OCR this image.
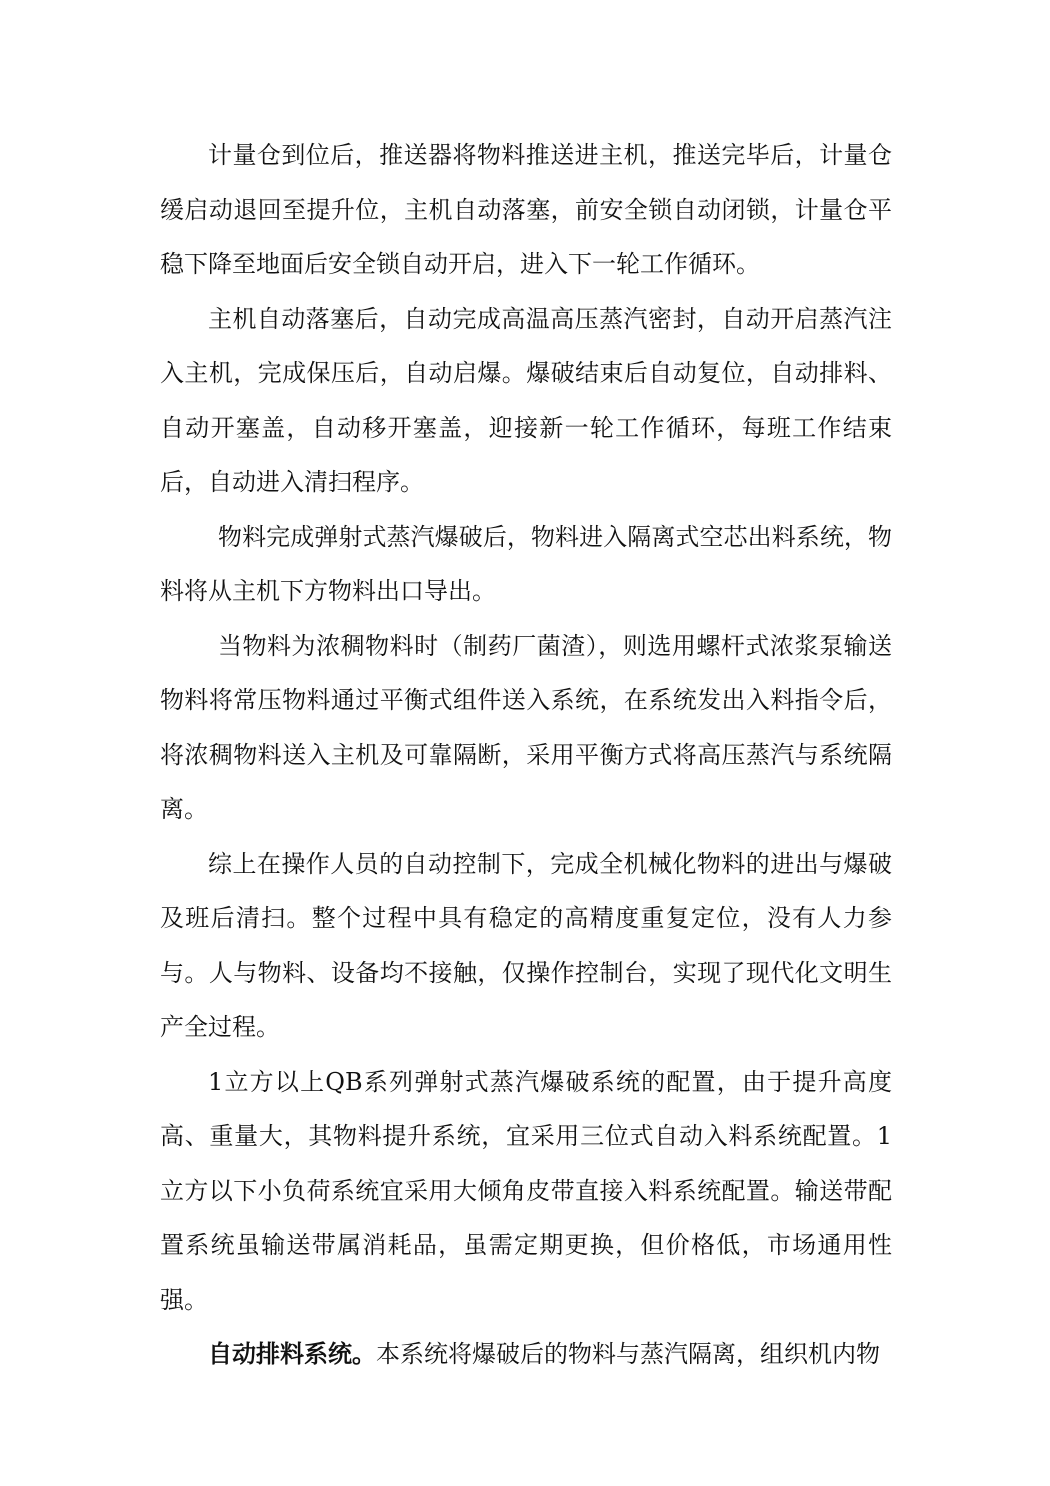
计量仓到位后，推送器将物料推送进主机，推送完毕后，计量仓缓启动退回至提升位，主机自动落塞，前安全锁自动闭锁，计量仓平稳下降至地面后安全锁自动开启，进入下一轮工作循环。

主机自动落塞后，自动完成高温高压蒸汽密封，自动开启蒸汽注入主机，完成保压后，自动启爆。爆破结束后自动复位，自动排料、自动开塞盖，自动移开塞盖，迎接新一轮工作循环，每班工作结束后，自动进入清扫程序。

物料完成弹射式蒸汽爆破后，物料进入隔离式空芯出料系统，物料将从主机下方物料出口导出。

当物料为浓稠物料时（制药厂菌渣），则选用螺杆式浓浆泵输送物料将常压物料通过平衡式组件送入系统，在系统发出入料指令后，将浓稠物料送入主机及可靠隔断，采用平衡方式将高压蒸汽与系统隔离。

综上在操作人员的自动控制下，完成全机械化物料的进出与爆破及班后清扫。整个过程中具有稳定的高精度重复定位，没有人力参与。人与物料、设备均不接触，仅操作控制台，实现了现代化文明生产全过程。

1立方以上QB系列弹射式蒸汽爆破系统的配置，由于提升高度高、重量大，其物料提升系统，宜采用三位式自动入料系统配置。1立方以下小负荷系统宜采用大倾角皮带直接入料系统配置。输送带配置系统虽输送带属消耗品，虽需定期更换，但价格低，市场通用性强。

自动排料系统。本系统将爆破后的物料与蒸汽隔离，组织机内物
